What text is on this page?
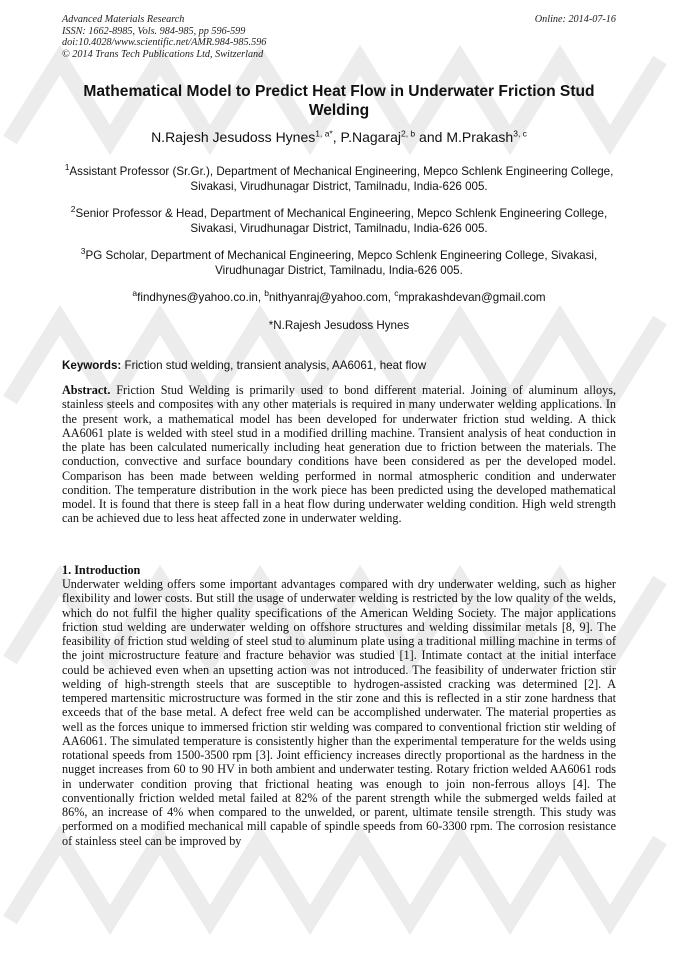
Advanced Materials Research
ISSN: 1662-8985, Vols. 984-985, pp 596-599
doi:10.4028/www.scientific.net/AMR.984-985.596
© 2014 Trans Tech Publications Ltd, Switzerland
Online: 2014-07-16
Mathematical Model to Predict Heat Flow in Underwater Friction Stud Welding
N.Rajesh Jesudoss Hynes$^{1, a*}$, P.Nagaraj$^{2, b}$ and M.Prakash$^{3, c}$
$^1$Assistant Professor (Sr.Gr.), Department of Mechanical Engineering, Mepco Schlenk Engineering College, Sivakasi, Virudhunagar District, Tamilnadu, India-626 005.
$^2$Senior Professor & Head, Department of Mechanical Engineering, Mepco Schlenk Engineering College, Sivakasi, Virudhunagar District, Tamilnadu, India-626 005.
$^3$PG Scholar, Department of Mechanical Engineering, Mepco Schlenk Engineering College, Sivakasi, Virudhunagar District, Tamilnadu, India-626 005.
$^a$findhynes@yahoo.co.in, $^b$nithyanraj@yahoo.com, $^c$mprakashdevan@gmail.com
*N.Rajesh Jesudoss Hynes
Keywords: Friction stud welding, transient analysis, AA6061, heat flow

Abstract. Friction Stud Welding is primarily used to bond different material. Joining of aluminum alloys, stainless steels and composites with any other materials is required in many underwater welding applications. In the present work, a mathematical model has been developed for underwater friction stud welding. A thick AA6061 plate is welded with steel stud in a modified drilling machine. Transient analysis of heat conduction in the plate has been calculated numerically including heat generation due to friction between the materials. The conduction, convective and surface boundary conditions have been considered as per the developed model. Comparison has been made between welding performed in normal atmospheric condition and underwater condition. The temperature distribution in the work piece has been predicted using the developed mathematical model. It is found that there is steep fall in a heat flow during underwater welding condition. High weld strength can be achieved due to less heat affected zone in underwater welding.

1. Introduction

Underwater welding offers some important advantages compared with dry underwater welding, such as higher flexibility and lower costs. But still the usage of underwater welding is restricted by the low quality of the welds, which do not fulfil the higher quality specifications of the American Welding Society. The major applications friction stud welding are underwater welding on offshore structures and welding dissimilar metals [8, 9]. The feasibility of friction stud welding of steel stud to aluminum plate using a traditional milling machine in terms of the joint microstructure feature and fracture behavior was studied [1]. Intimate contact at the initial interface could be achieved even when an upsetting action was not introduced. The feasibility of underwater friction stir welding of high-strength steels that are susceptible to hydrogen-assisted cracking was determined [2]. A tempered martensitic microstructure was formed in the stir zone and this is reflected in a stir zone hardness that exceeds that of the base metal. A defect free weld can be accomplished underwater. The material properties as well as the forces unique to immersed friction stir welding was compared to conventional friction stir welding of AA6061. The simulated temperature is consistently higher than the experimental temperature for the welds using rotational speeds from 1500-3500 rpm [3]. Joint efficiency increases directly proportional as the hardness in the nugget increases from 60 to 90 HV in both ambient and underwater testing. Rotary friction welded AA6061 rods in underwater condition proving that frictional heating was enough to join non-ferrous alloys [4]. The conventionally friction welded metal failed at 82% of the parent strength while the submerged welds failed at 86%, an increase of 4% when compared to the unwelded, or parent, ultimate tensile strength. This study was performed on a modified mechanical mill capable of spindle speeds from 60-3300 rpm. The corrosion resistance of stainless steel can be improved by
